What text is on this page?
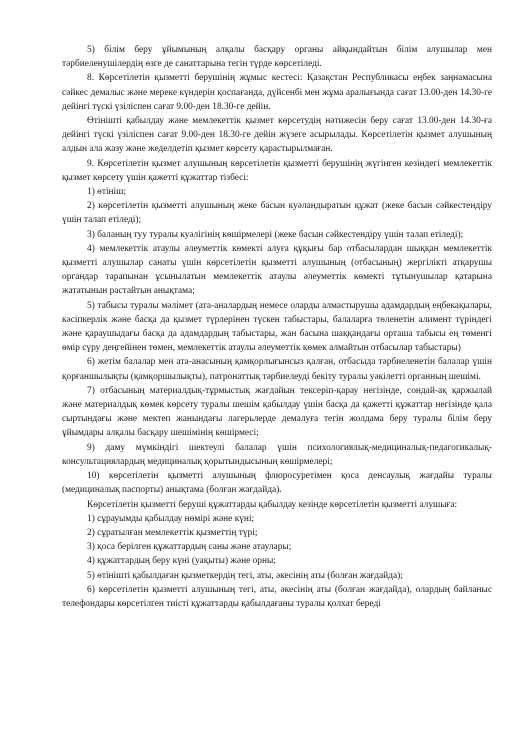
5) білім беру ұйымының алқалы басқару органы айқындайтын білім алушылар мен тәрбиеленушілердің өзге де санаттарына тегін түрде көрсетіледі.

8. Көрсетілетін қызметті берушінің жұмыс кестесі: Қазақстан Республикасы еңбек заңнамасына сәйкес демалыс және мереке күндерін қоспағанда, дүйсенбі мен жұма аралығында сағат 13.00-ден 14.30-ге дейінгі түскі үзіліспен сағат 9.00-ден 18.30-ге дейін.

Өтінішті қабылдау және мемлекеттік қызмет көрсетудің нәтижесін беру сағат 13.00-ден 14.30-ға дейінгі түскі үзіліспен сағат 9.00-ден 18.30-ге дейін жүзеге асырылады. Көрсетілетін қызмет алушының алдын ала жазу және жеделдетіп қызмет көрсету қарастырылмаған.

9. Көрсетілетін қызмет алушының көрсетілетін қызметті берушінің жүгінген кезіндегі мемлекеттік қызмет көрсету үшін қажетті құжаттар тізбесі:

1) өтініш;

2) көрсетілетін қызметті алушының жеке басын куәландыратын құжат (жеке басын сәйкестендіру үшін талап етіледі);

3) баланың туу туралы куәлігінің көшірмелері (жеке басын сәйкестендіру үшін талап етіледі);

4) мемлекеттік атаулы әлеуметтік көмекті алуға құқығы бар отбасылардан шыққан мемлекеттік қызметті алушылар санаты үшін көрсетілетін қызметті алушының (отбасының) жергілікті атқарушы органдар тарапынан ұсынылатын мемлекеттік атаулы әлеуметтік көмекті тұтынушылар қатарына жататынын растайтын анықтама;

5) табысы туралы мәлімет (ата-аналардың немесе оларды алмастырушы адамдардың еңбекақылары, кәсіпкерлік және басқа да қызмет түрлерінен түскен табыстары, балаларға төленетін алимент түріндегі және қараушыдағы басқа да адамдардың табыстары, жан басына шаққандағы орташа табысы ең төменгі өмір сүру деңгейінен төмен, мемлекеттік атаулы әлеуметтік көмек алмайтын отбасылар табыстары)

6) жетім балалар мен ата-анасының қамқорлығынсыз қалған, отбасыда тәрбиеленетін балалар үшін қорғаншылықты (қамқоршылықты), патронаттық тәрбиелеуді бекіту туралы уәкілетті органның шешімі.

7) отбасының материалдық-тұрмыстық жағдайын тексеріп-қарау негізінде, сондай-ақ қаржылай және материалдық көмек көрсету туралы шешім қабылдау үшін басқа да қажетті құжаттар негізінде қала сыртындағы және мектеп жанындағы лагерьлерде демалуға тегін жолдама беру туралы білім беру ұйымдары алқалы басқару шешімінің көшірмесі;

9) даму мүмкіндігі шектеулі балалар үшін психологиялық-медициналық-педагогикалық-консультациялардың медициналық қорытындысының көшірмелері;

10) көрсетілетін қызметті алушының флюросуретімен қоса денсаулық жағдайы туралы (медициналық паспорты) анықтама (болған жағдайда).

Көрсетілетін қызметті беруші құжаттарды қабылдау кезінде көрсетілетін қызметті алушыға:

1) сұрауымды қабылдау нөмірі және күні;

2) сұратылған мемлекеттік қызметтің түрі;

3) қоса берілген құжаттардың саны және атаулары;

4) құжаттардың беру күні (уақыты) және орны;

5) өтінішті қабылдаған қызметкердің тегі, аты, әкесінің аты (болған жағдайда);

6) көрсетілетін қызметті алушының тегі, аты, әкесінің аты (болған жағдайда), олардың байланыс телефондары көрсетілген тиісті құжаттарды қабылдағаны туралы қолхат береді
